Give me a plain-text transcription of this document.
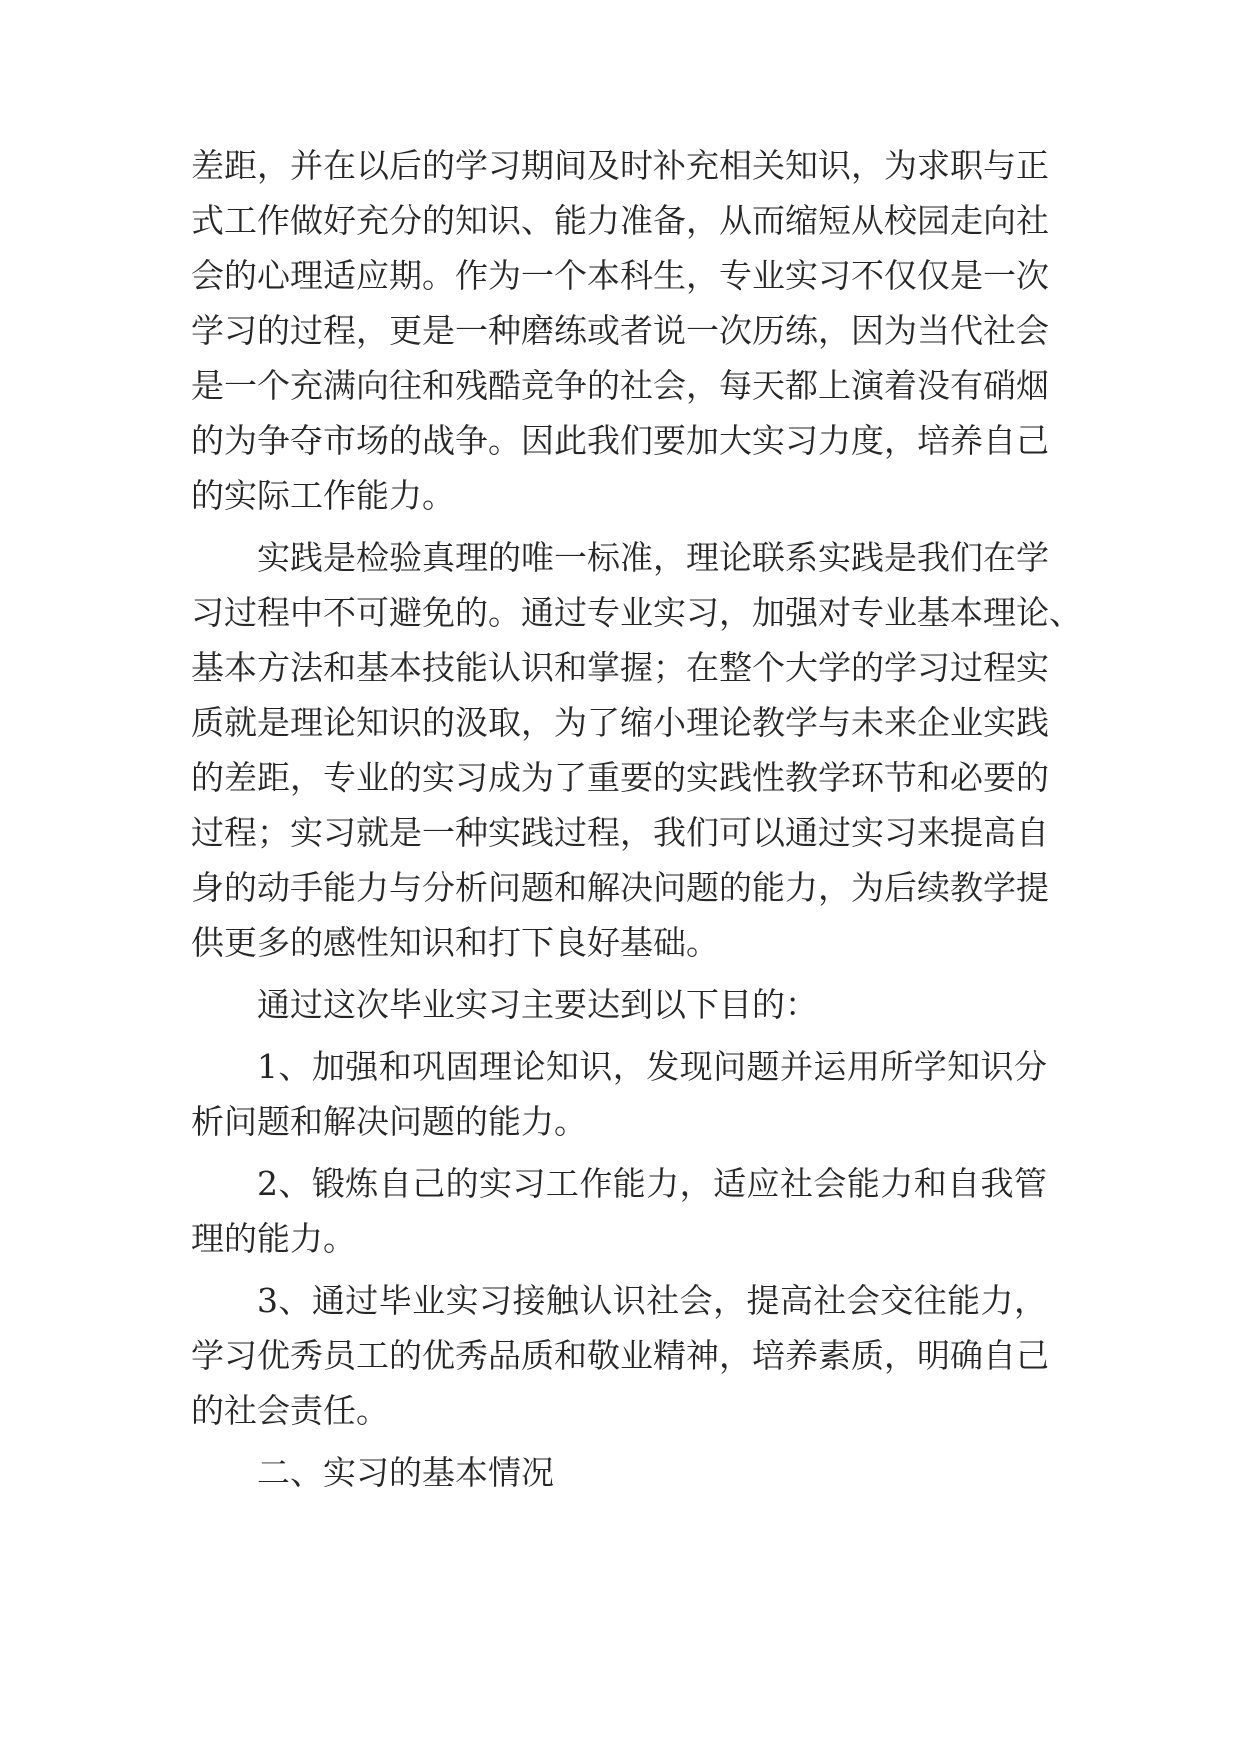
差距，并在以后的学习期间及时补充相关知识，为求职与正

式工作做好充分的知识、能力准备，从而缩短从校园走向社

会的心理适应期。作为一个本科生，专业实习不仅仅是一次

学习的过程，更是一种磨练或者说一次历练，因为当代社会

是一个充满向往和残酷竞争的社会，每天都上演着没有硝烟

的为争夺市场的战争。因此我们要加大实习力度，培养自己

的实际工作能力。

实践是检验真理的唯一标准，理论联系实践是我们在学

习过程中不可避免的。通过专业实习，加强对专业基本理论、

基本方法和基本技能认识和掌握；在整个大学的学习过程实

质就是理论知识的汲取，为了缩小理论教学与未来企业实践

的差距，专业的实习成为了重要的实践性教学环节和必要的

过程；实习就是一种实践过程，我们可以通过实习来提高自

身的动手能力与分析问题和解决问题的能力，为后续教学提

供更多的感性知识和打下良好基础。

通过这次毕业实习主要达到以下目的：

1、加强和巩固理论知识，发现问题并运用所学知识分

析问题和解决问题的能力。

2、锻炼自己的实习工作能力，适应社会能力和自我管

理的能力。

3、通过毕业实习接触认识社会，提高社会交往能力，

学习优秀员工的优秀品质和敬业精神，培养素质，明确自己

的社会责任。

二、实习的基本情况
